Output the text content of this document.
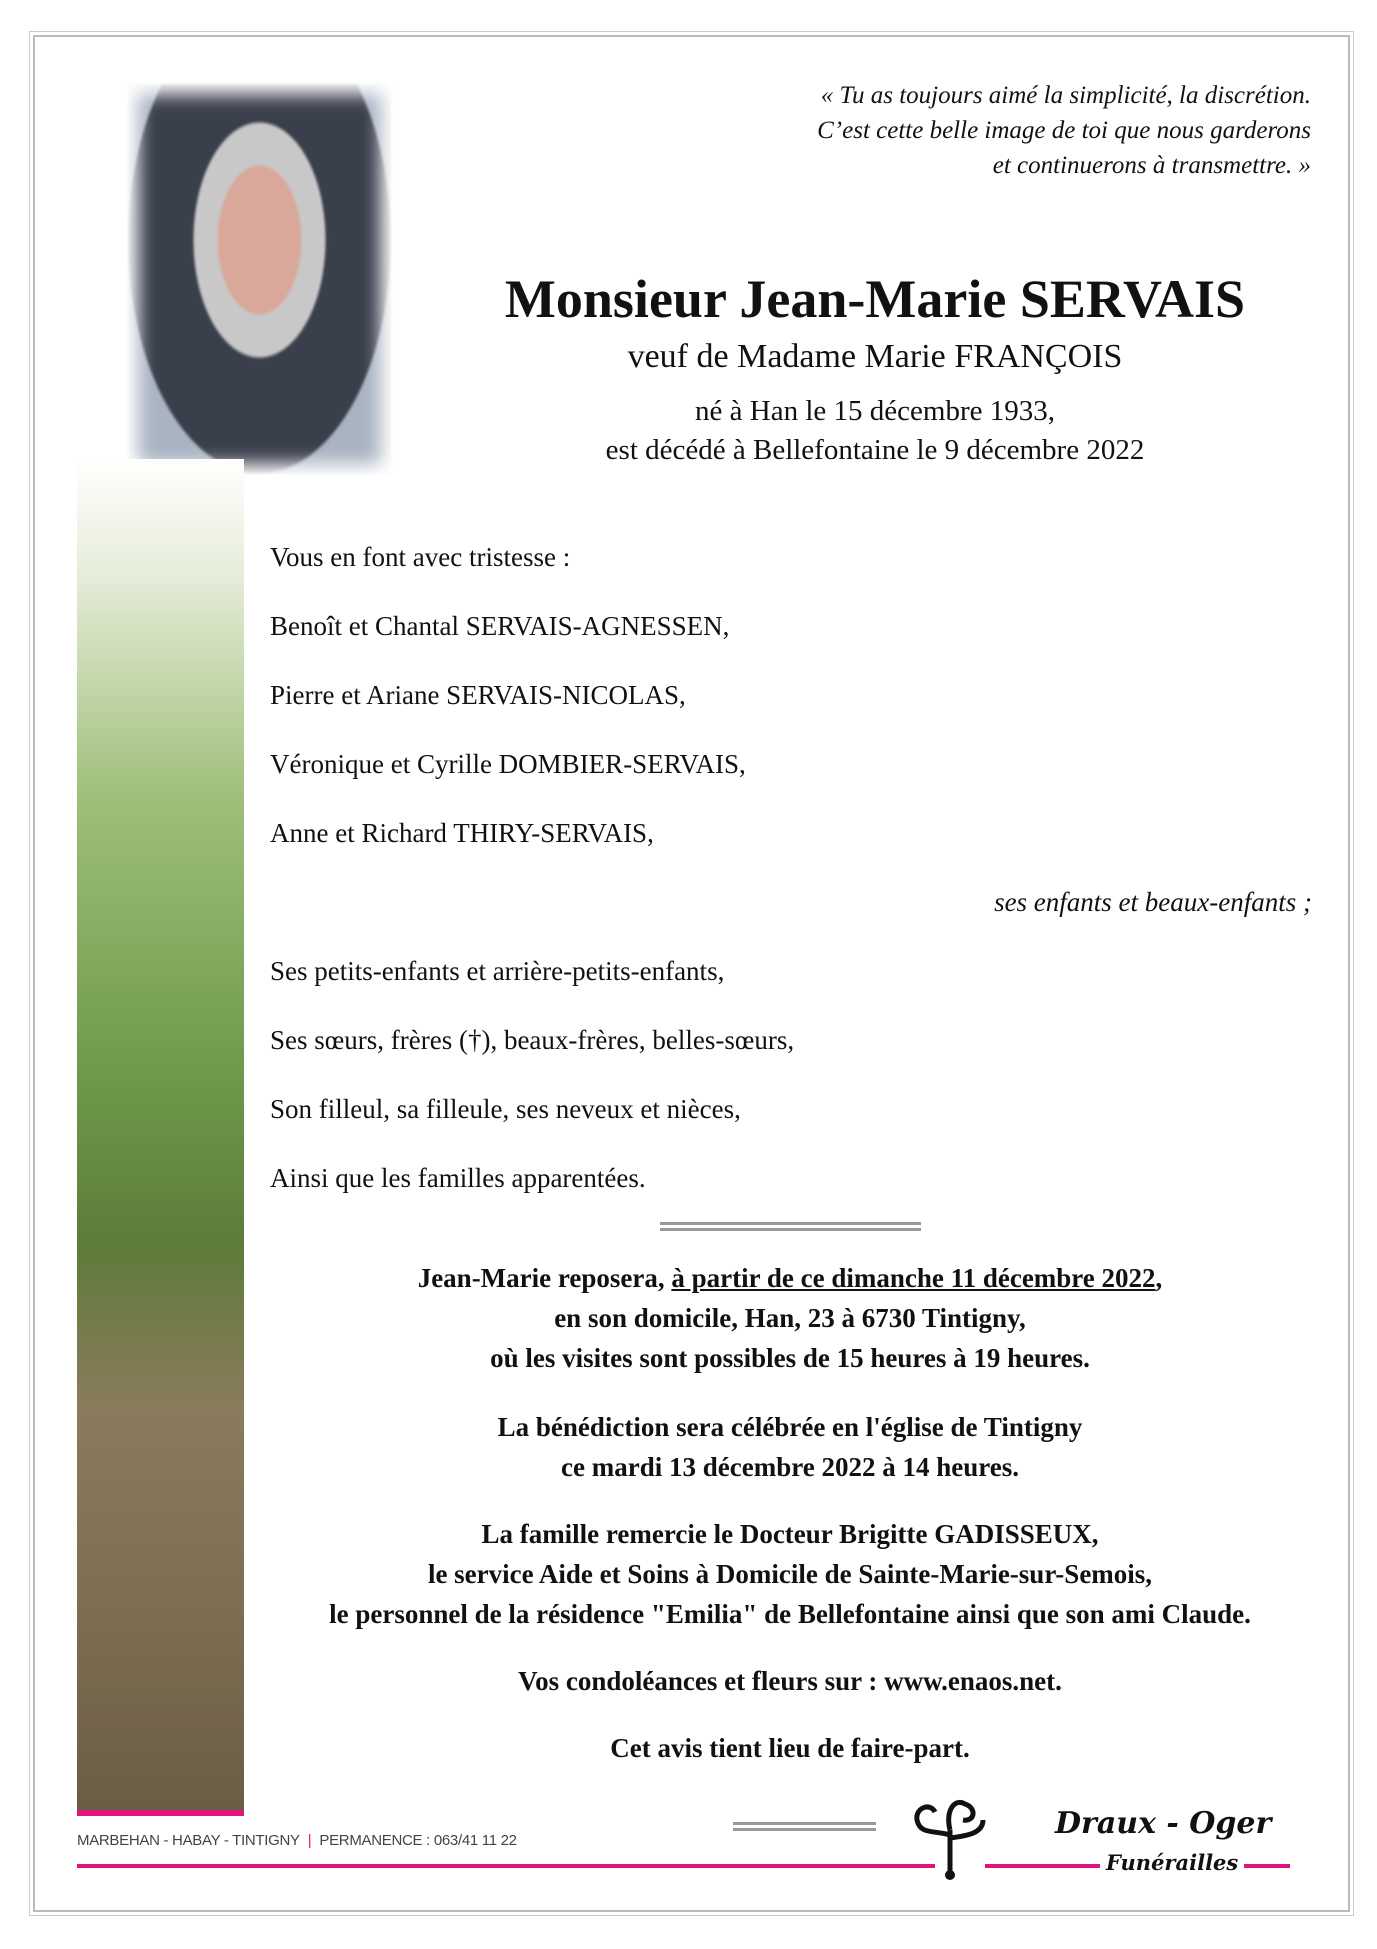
« Tu as toujours aimé la simplicité, la discrétion.
C’est cette belle image de toi que nous garderons
et continuerons à transmettre. »
Monsieur Jean-Marie SERVAIS
veuf de Madame Marie FRANÇOIS
né à Han le 15 décembre 1933,
est décédé à Bellefontaine le 9 décembre 2022
Vous en font avec tristesse :
Benoît et Chantal SERVAIS-AGNESSEN,
Pierre et Ariane SERVAIS-NICOLAS,
Véronique et Cyrille DOMBIER-SERVAIS,
Anne et Richard THIRY-SERVAIS,
ses enfants et beaux-enfants ;
Ses petits-enfants et arrière-petits-enfants,
Ses sœurs, frères (†), beaux-frères, belles-sœurs,
Son filleul, sa filleule, ses neveux et nièces,
Ainsi que les familles apparentées.
Jean-Marie reposera, à partir de ce dimanche 11 décembre 2022,
en son domicile, Han, 23 à 6730 Tintigny,
où les visites sont possibles de 15 heures à 19 heures.
La bénédiction sera célébrée en l'église de Tintigny
ce mardi 13 décembre 2022 à 14 heures.
La famille remercie le Docteur Brigitte GADISSEUX,
le service Aide et Soins à Domicile de Sainte-Marie-sur-Semois,
le personnel de la résidence "Emilia" de Bellefontaine ainsi que son ami Claude.
Vos condoléances et fleurs sur : www.enaos.net.
Cet avis tient lieu de faire-part.
MARBEHAN - HABAY - TINTIGNY | PERMANENCE : 063/41 11 22	Draux - Oger
Funérailles
